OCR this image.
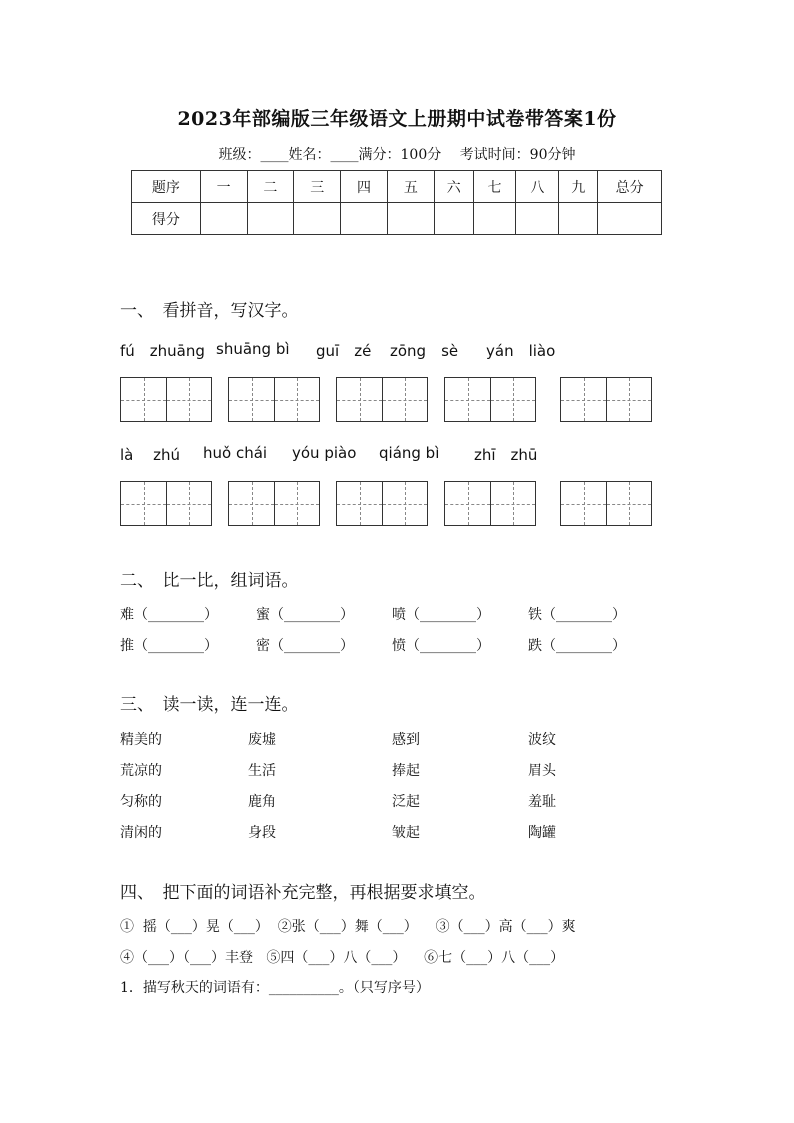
2023年部编版三年级语文上册期中试卷带答案1份
班级：____姓名：____满分：100分　 考试时间：90分钟
题序	一	二	三	四	五	六	七	八	九	总分
得分										
一、　看拼音，写汉字。
fú　zhuāng shuāng bì guī　zé zōng　sè yán　liào
là　 zhú huǒ chái yóu piào qiáng bì zhī　zhū
二、　比一比，组词语。
难（________）	蜜（________）	喷（________）	铁（________）
推（________）	密（________）	愤（________）	跌（________）
三、　读一读，连一连。
精美的	废墟	感到	波纹
荒凉的	生活	捧起	眉头
匀称的	鹿角	泛起	羞耻
清闲的	身段	皱起	陶罐
四、　把下面的词语补充完整，再根据要求填空。
①  摇（___）晃（___）  ②张（___）舞（___）    ③（___）高（___）爽
④（___）（___）丰登   ⑤四（___）八（___）    ⑥七（___）八（___）
1．描写秋天的词语有：__________。（只写序号）
